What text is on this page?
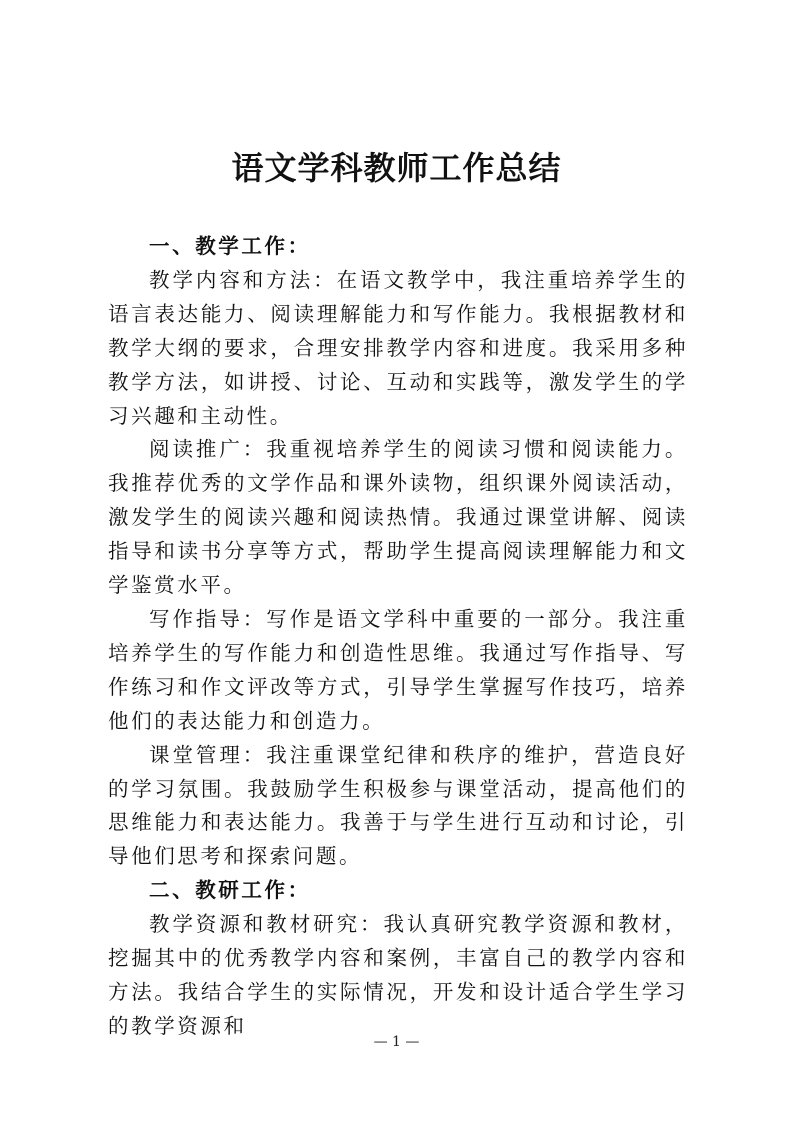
语文学科教师工作总结

一、教学工作：

教学内容和方法：在语文教学中，我注重培养学生的语言表达能力、阅读理解能力和写作能力。我根据教材和教学大纲的要求，合理安排教学内容和进度。我采用多种教学方法，如讲授、讨论、互动和实践等，激发学生的学习兴趣和主动性。

阅读推广：我重视培养学生的阅读习惯和阅读能力。我推荐优秀的文学作品和课外读物，组织课外阅读活动，激发学生的阅读兴趣和阅读热情。我通过课堂讲解、阅读指导和读书分享等方式，帮助学生提高阅读理解能力和文学鉴赏水平。

写作指导：写作是语文学科中重要的一部分。我注重培养学生的写作能力和创造性思维。我通过写作指导、写作练习和作文评改等方式，引导学生掌握写作技巧，培养他们的表达能力和创造力。

课堂管理：我注重课堂纪律和秩序的维护，营造良好的学习氛围。我鼓励学生积极参与课堂活动，提高他们的思维能力和表达能力。我善于与学生进行互动和讨论，引导他们思考和探索问题。

二、教研工作：

教学资源和教材研究：我认真研究教学资源和教材，挖掘其中的优秀教学内容和案例，丰富自己的教学内容和方法。我结合学生的实际情况，开发和设计适合学生学习的教学资源和

— 1 —
